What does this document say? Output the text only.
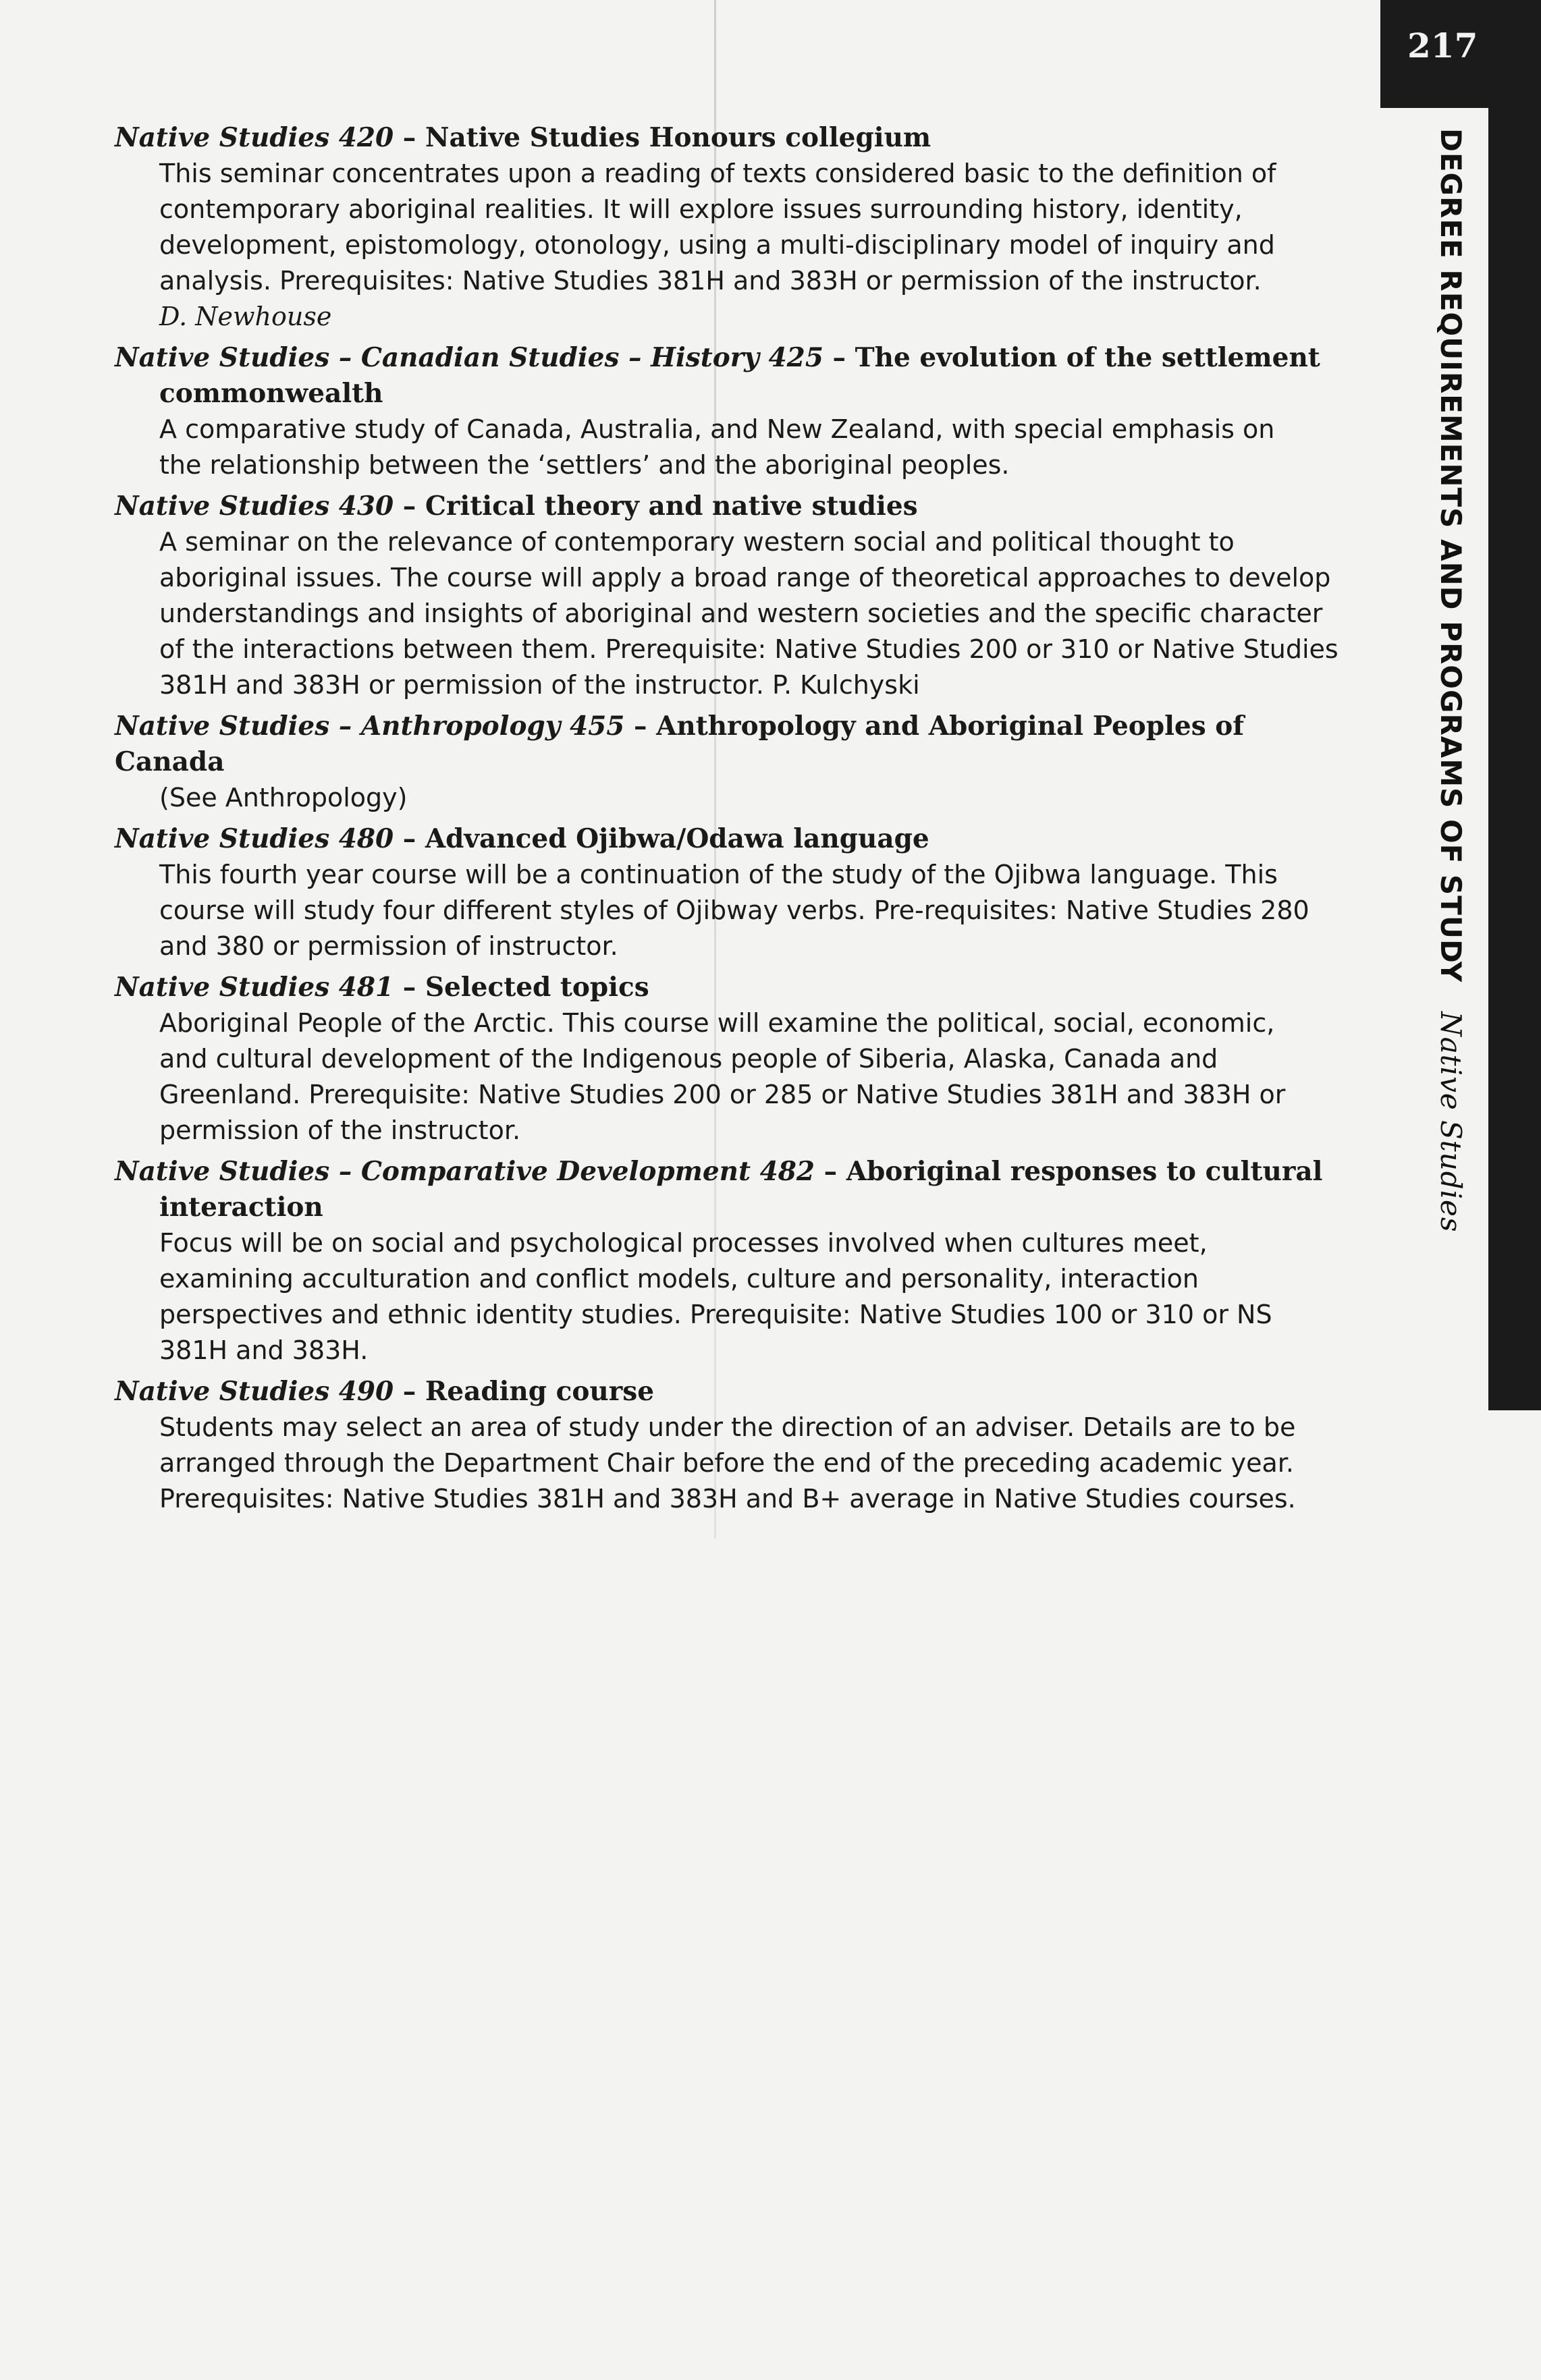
217
DEGREE REQUIREMENTS AND PROGRAMS OF STUDY Native Studies

Native Studies 420 – Native Studies Honours collegium

This seminar concentrates upon a reading of texts considered basic to the definition of
contemporary aboriginal realities. It will explore issues surrounding history, identity,
development, epistomology, otonology, using a multi-disciplinary model of inquiry and
analysis. Prerequisites: Native Studies 381H and 383H or permission of the instructor.

D. Newhouse

Native Studies – Canadian Studies – History 425 – The evolution of the settlement

commonwealth

A comparative study of Canada, Australia, and New Zealand, with special emphasis on
the relationship between the ‘settlers’ and the aboriginal peoples.

Native Studies 430 – Critical theory and native studies

A seminar on the relevance of contemporary western social and political thought to
aboriginal issues. The course will apply a broad range of theoretical approaches to develop
understandings and insights of aboriginal and western societies and the specific character
of the interactions between them. Prerequisite: Native Studies 200 or 310 or Native Studies
381H and 383H or permission of the instructor. P. Kulchyski

Native Studies – Anthropology 455 – Anthropology and Aboriginal Peoples of Canada

(See Anthropology)

Native Studies 480 – Advanced Ojibwa/Odawa language

This fourth year course will be a continuation of the study of the Ojibwa language. This
course will study four different styles of Ojibway verbs. Pre-requisites: Native Studies 280
and 380 or permission of instructor.

Native Studies 481 – Selected topics

Aboriginal People of the Arctic. This course will examine the political, social, economic,
and cultural development of the Indigenous people of Siberia, Alaska, Canada and
Greenland. Prerequisite: Native Studies 200 or 285 or Native Studies 381H and 383H or
permission of the instructor.

Native Studies – Comparative Development 482 – Aboriginal responses to cultural

interaction

Focus will be on social and psychological processes involved when cultures meet,
examining acculturation and conflict models, culture and personality, interaction
perspectives and ethnic identity studies. Prerequisite: Native Studies 100 or 310 or NS
381H and 383H.

Native Studies 490 – Reading course

Students may select an area of study under the direction of an adviser. Details are to be
arranged through the Department Chair before the end of the preceding academic year.
Prerequisites: Native Studies 381H and 383H and B+ average in Native Studies courses.
